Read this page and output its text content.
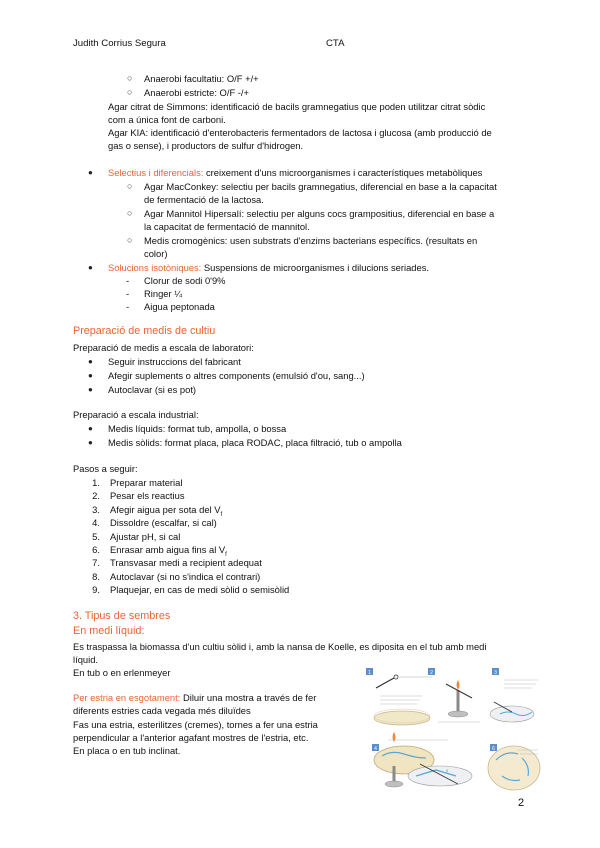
Judith Corrius Segura	CTA
○ Anaerobi facultatiu: O/F +/+
○ Anaerobi estricte: O/F -/+
Agar citrat de Simmons: identificació de bacils gramnegatius que poden utilitzar citrat sòdic
com a única font de carboni.
Agar KIA: identificació d'enterobacteris fermentadors de lactosa i glucosa (amb producció de
gas o sense), i productors de sulfur d'hidrogen.
● Selectius i diferencials: creixement d'uns microorganismes i característiques metabòliques
○ Agar MacConkey: selectiu per bacils gramnegatius, diferencial en base a la capacitat
de fermentació de la lactosa.
○ Agar Mannitol Hipersalí: selectiu per alguns cocs grampositius, diferencial en base a
la capacitat de fermentació de mannitol.
○ Medis cromogènics: usen substrats d'enzims bacterians específics. (resultats en
color)
● Solucions isotòniques: Suspensions de microorganismes i dilucions seriades.
- Clorur de sodi 0'9%
- Ringer ¼
- Aigua peptonada
Preparació de medis de cultiu
Preparació de medis a escala de laboratori:
● Seguir instruccions del fabricant
● Afegir suplements o altres components (emulsió d'ou, sang...)
● Autoclavar (si es pot)
Preparació a escala industrial:
● Medis líquids: format tub, ampolla, o bossa
● Medis sòlids: format placa, placa RODAC, placa filtració, tub o ampolla
Pasos a seguir:
1. Preparar material
2. Pesar els reactius
3. Afegir aigua per sota del $V_f$
4. Dissoldre (escalfar, si cal)
5. Ajustar pH, si cal
6. Enrasar amb aigua fins al $V_f$
7. Transvasar medi a recipient adequat
8. Autoclavar (si no s'indica el contrari)
9. Plaquejar, en cas de medi sòlid o semisòlid
3. Tipus de sembres
En medi líquid:
Es traspassa la biomassa d'un cultiu sòlid i, amb la nansa de Koelle, es diposita en el tub amb medi
líquid.
En tub o en erlenmeyer
Per estria en esgotament: Diluir una mostra a través de fer
diferents estries cada vegada més diluïdes
Fas una estria, esterilitzes (cremes), tornes a fer una estria
perpendicular a l'anterior agafant mostres de l'estria, etc.
En placa o en tub inclinat.
1	2	3
4
5
6
2
